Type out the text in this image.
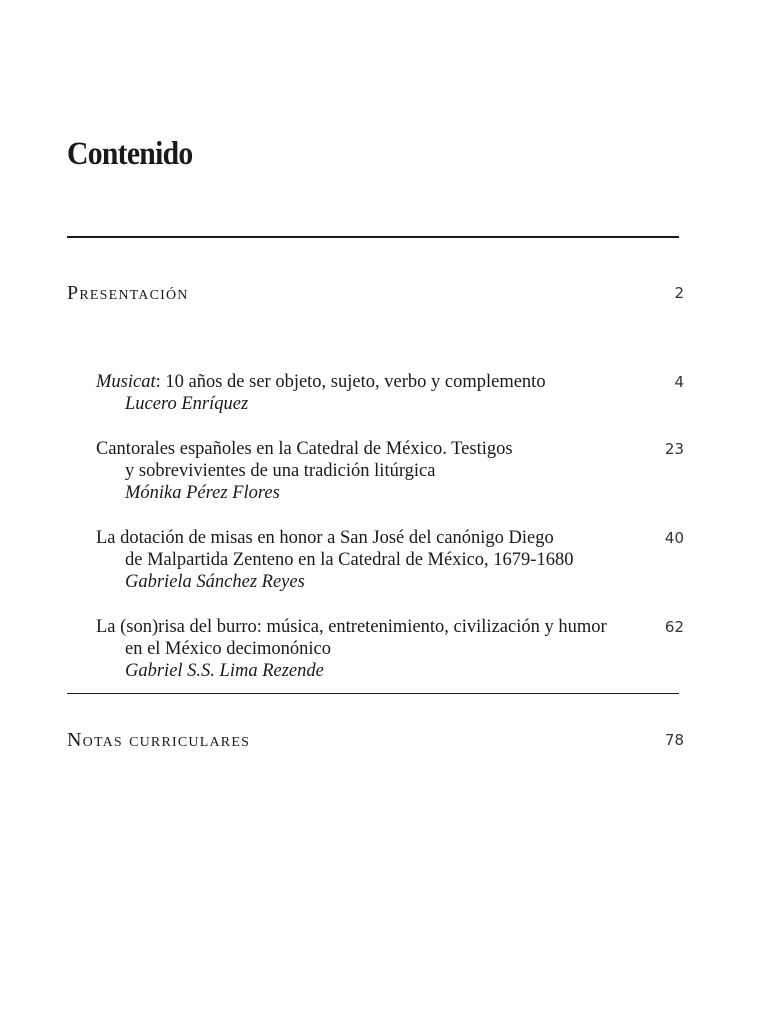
Contenido
Presentación	2
Musicat: 10 años de ser objeto, sujeto, verbo y complemento
Lucero Enríquez
4
Cantorales españoles en la Catedral de México. Testigos
y sobrevivientes de una tradición litúrgica
Mónika Pérez Flores
23
La dotación de misas en honor a San José del canónigo Diego
de Malpartida Zenteno en la Catedral de México, 1679-1680
Gabriela Sánchez Reyes
40
La (son)risa del burro: música, entretenimiento, civilización y humor
en el México decimonónico
Gabriel S.S. Lima Rezende
62
Notas curriculares	78
